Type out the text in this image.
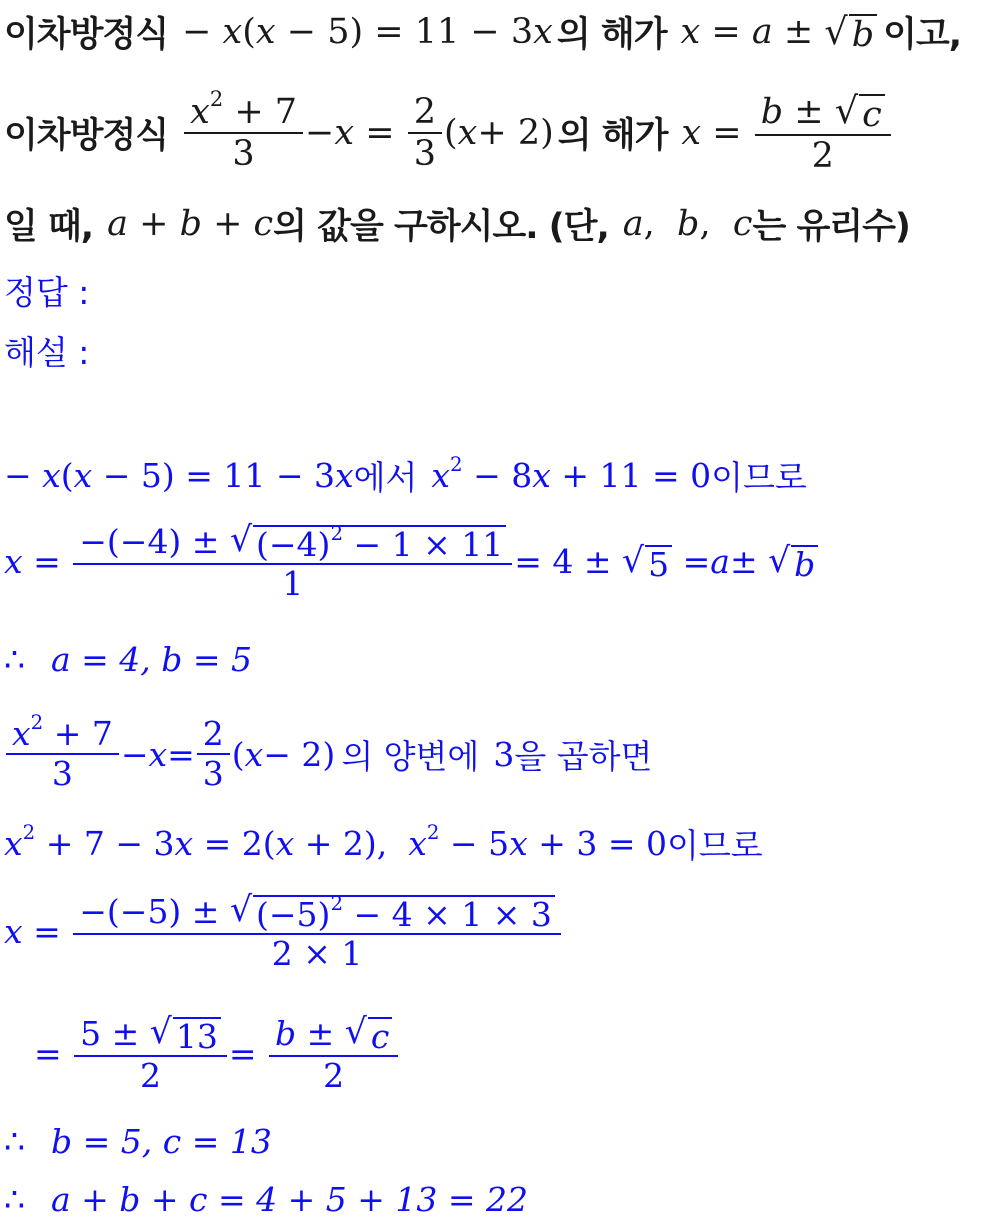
이차방정식 − x(x − 5) = 11 − 3x 의 해가 x = a ± √ b 이고,
이차방정식 $\frac{x^2 + 7}{3} - x = \frac{2}{3}$ ( x + 2) 의 해가 $x = \frac{b \pm √ c}{2}$
일 때, a + b + c 의 값을 구하시오. (단, a,  b,  c 는 유리수)
정답 :
해설 :
− x(x − 5) = 11 − 3x 에서 $x^2 - 8x + 11 = 0$ 이므로
$x = \frac{-(-4) \pm √ (-4)^2 - 1 \times 11}{1} = 4$ ± √ 5 = a ± √ b
∴ a = 4, b = 5
$\frac{x^2 + 7}{3} - x = \frac{2}{3}$ ( x − 2) 의 양변에 3 을 곱하면
$x^2 + 7 - 3x = 2(x + 2)$,  $x^2 - 5x + 3 = 0$ 이므로
$x = \frac{-(-5) \pm √ (-5)^2 - 4 \times 1 \times 3}{2 \times 1}$
= $\frac{5 \pm √ 13}{2} = \frac{b \pm √ c}{2}$
∴ b = 5, c = 13
∴ a + b + c = 4 + 5 + 13 = 22
